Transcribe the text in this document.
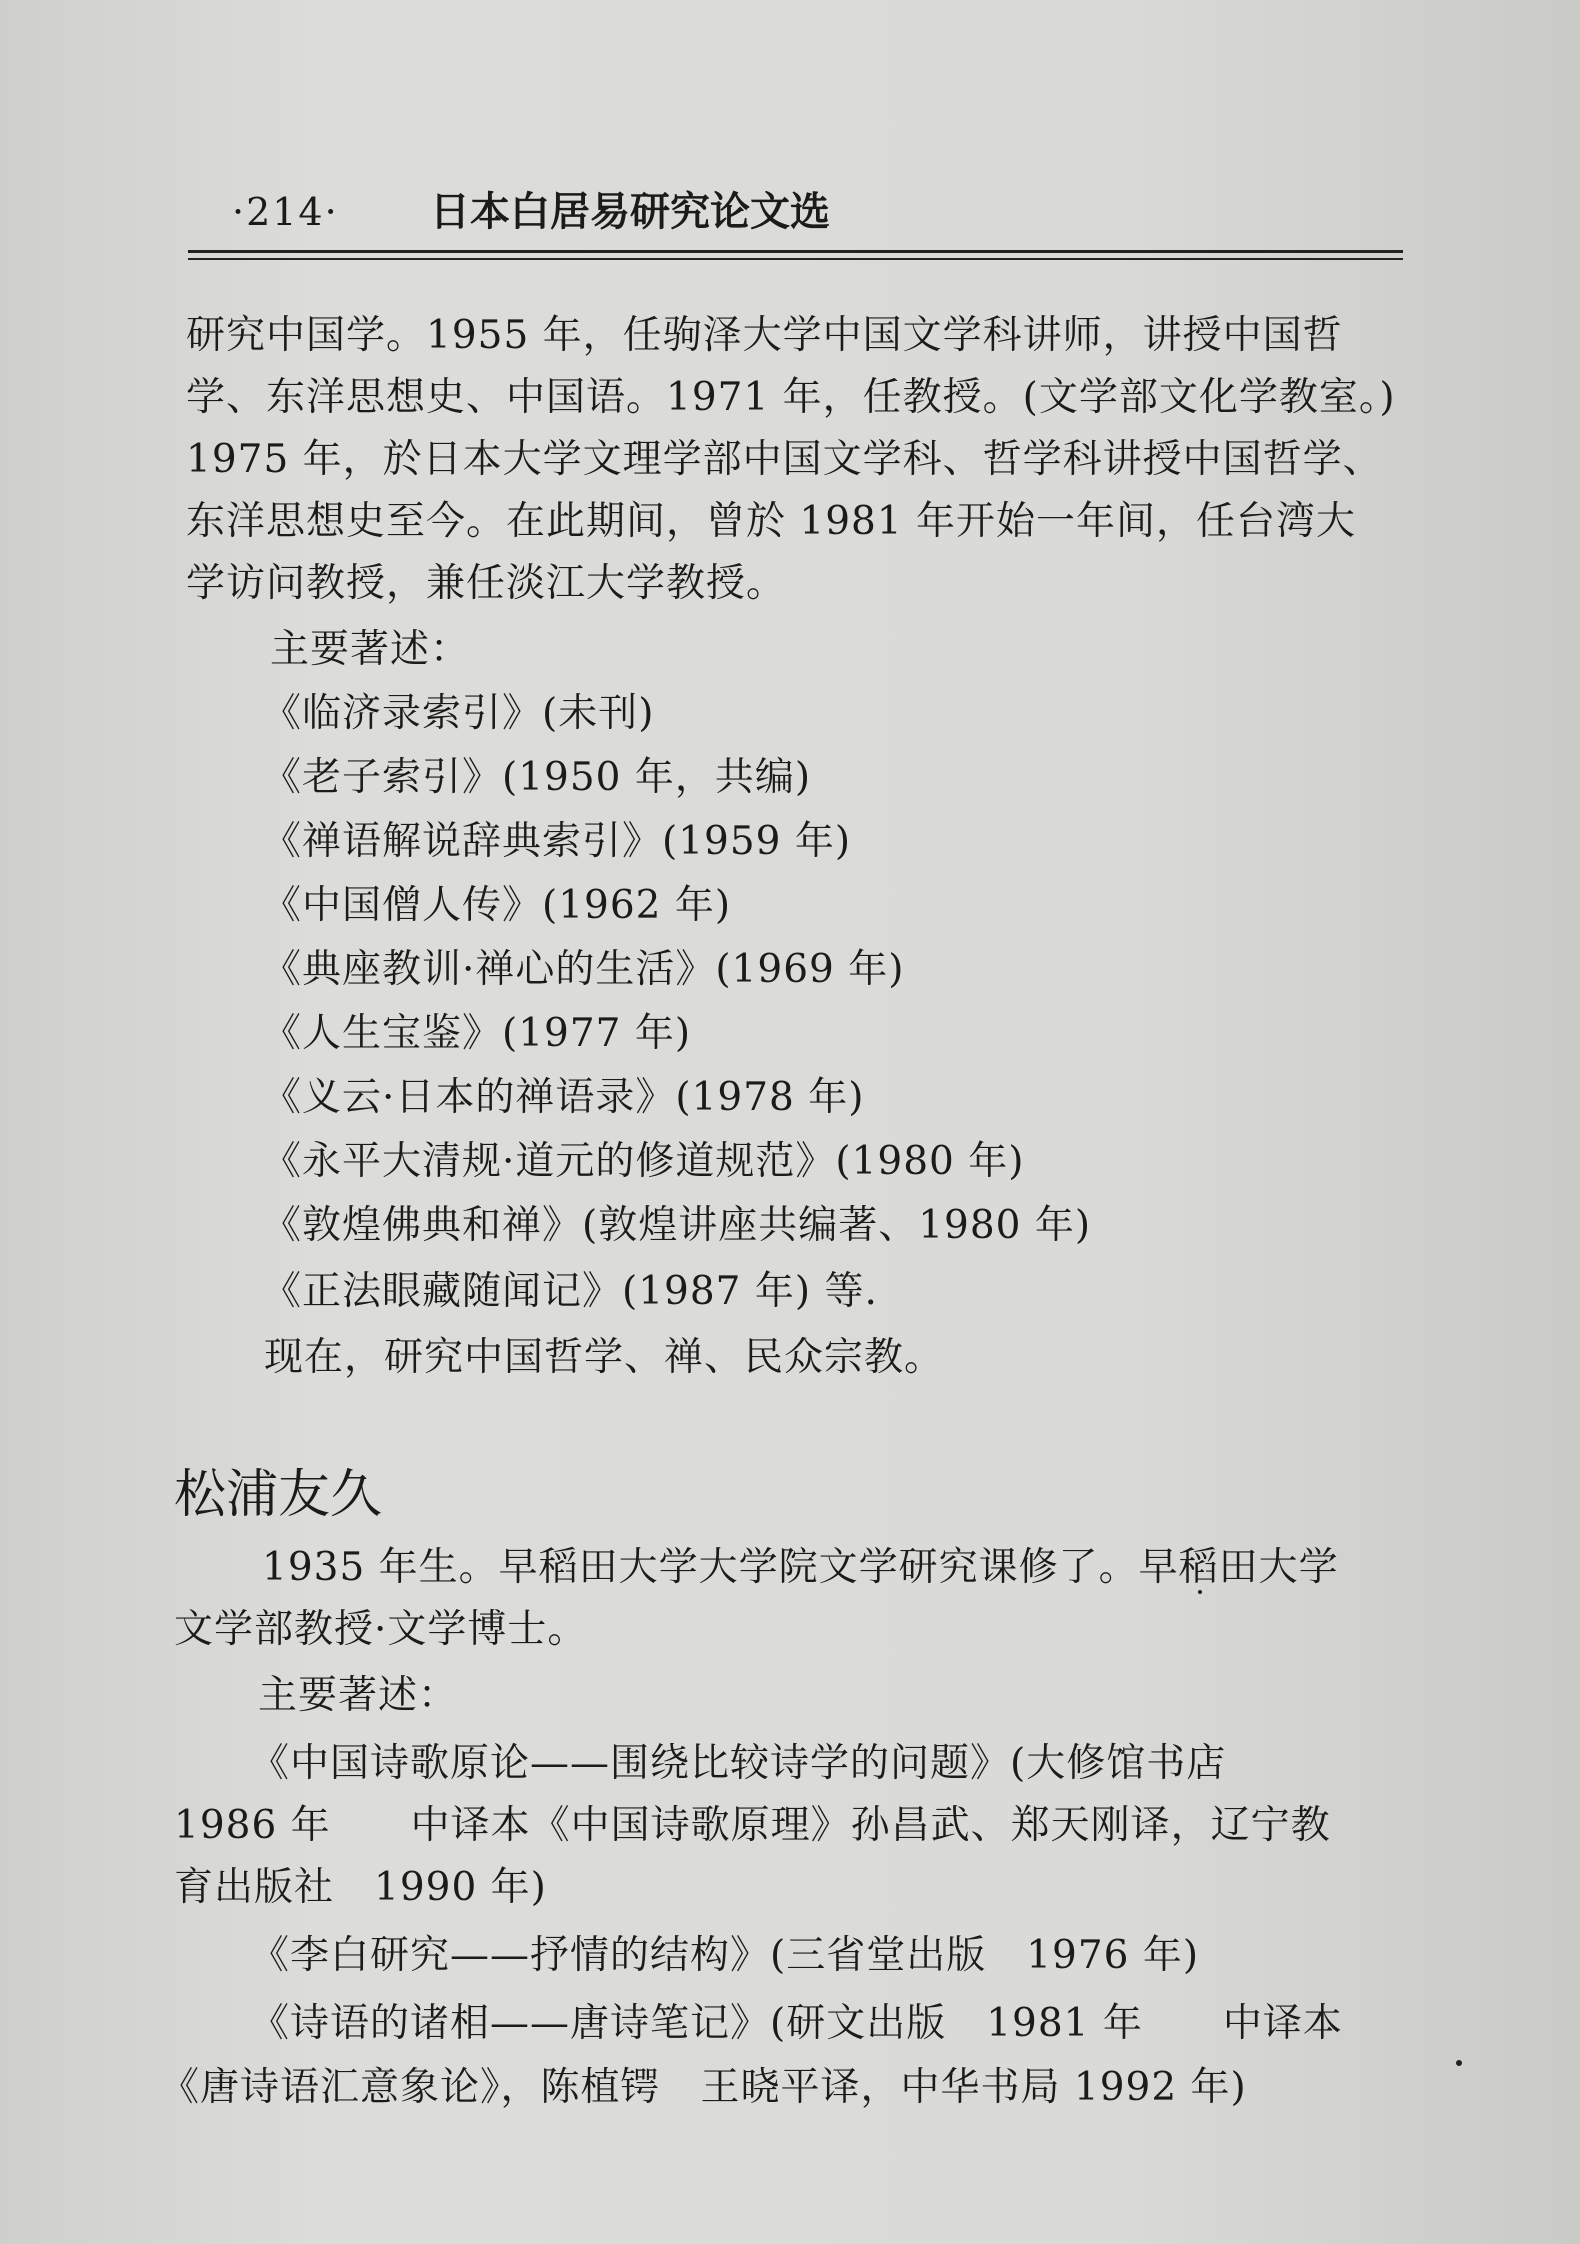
·214· 日本白居易研究论文选
研究中国学。1955 年，任驹泽大学中国文学科讲师，讲授中国哲
学、东洋思想史、中国语。1971 年，任教授。(文学部文化学教室。)
1975 年，於日本大学文理学部中国文学科、哲学科讲授中国哲学、
东洋思想史至今。在此期间，曾於 1981 年开始一年间，任台湾大
学访问教授，兼任淡江大学教授。
主要著述：
《临济录索引》(未刊)
《老子索引》(1950 年，共编)
《禅语解说辞典索引》(1959 年)
《中国僧人传》(1962 年)
《典座教训·禅心的生活》(1969 年)
《人生宝鉴》(1977 年)
《义云·日本的禅语录》(1978 年)
《永平大清规·道元的修道规范》(1980 年)
《敦煌佛典和禅》(敦煌讲座共编著、1980 年)
《正法眼藏随闻记》(1987 年) 等.
现在，研究中国哲学、禅、民众宗教。
松浦友久
1935 年生。早稻田大学大学院文学研究课修了。早稻田大学
文学部教授·文学博士。
主要著述：
《中国诗歌原论——围绕比较诗学的问题》(大修馆书店
1986 年　　中译本《中国诗歌原理》孙昌武、郑天刚译，辽宁教
育出版社　1990 年)
《李白研究——抒情的结构》(三省堂出版　1976 年)
《诗语的诸相——唐诗笔记》(研文出版　1981 年　　中译本
《唐诗语汇意象论》，陈植锷　王晓平译，中华书局 1992 年)
